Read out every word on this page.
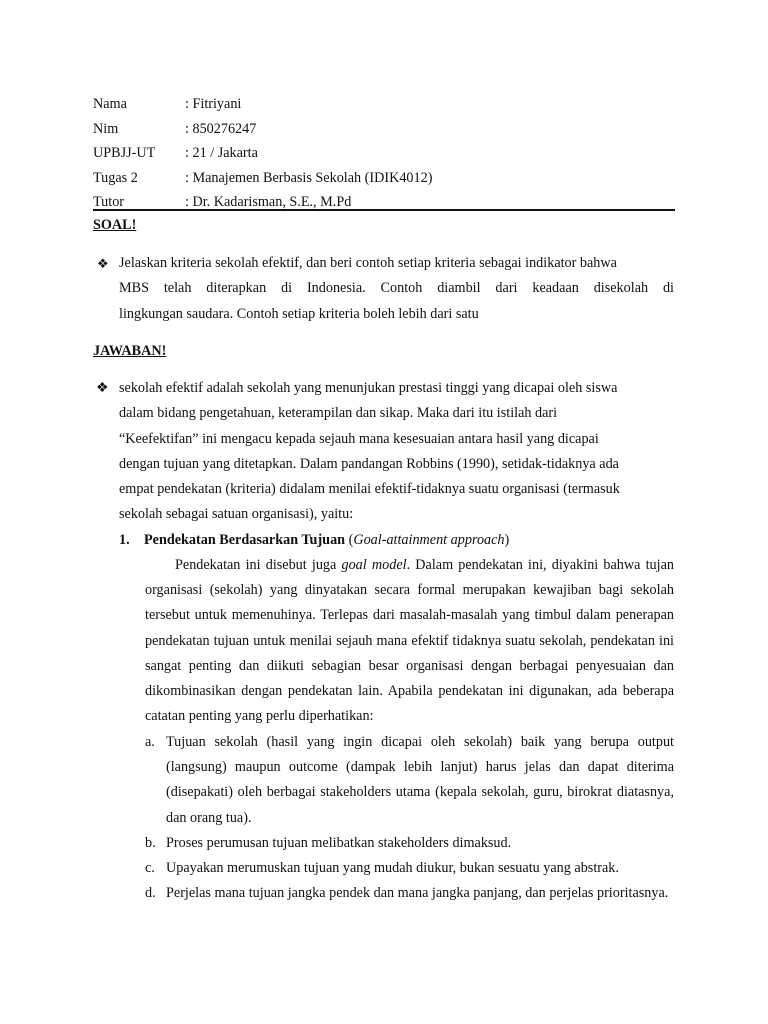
Nama	: Fitriyani
Nim	: 850276247
UPBJJ-UT	: 21 / Jakarta
Tugas 2	: Manajemen Berbasis Sekolah (IDIK4012)
Tutor	: Dr. Kadarisman, S.E., M.Pd
SOAL!
❖ Jelaskan kriteria sekolah efektif, dan beri contoh setiap kriteria sebagai indikator bahwa
MBS telah diterapkan di Indonesia. Contoh diambil dari keadaan disekolah di
lingkungan saudara. Contoh setiap kriteria boleh lebih dari satu
JAWABAN!
❖ sekolah efektif adalah sekolah yang menunjukan prestasi tinggi yang dicapai oleh siswa
dalam bidang pengetahuan, keterampilan dan sikap. Maka dari itu istilah dari
“Keefektifan” ini mengacu kepada sejauh mana kesesuaian antara hasil yang dicapai
dengan tujuan yang ditetapkan. Dalam pandangan Robbins (1990), setidak-tidaknya ada
empat pendekatan (kriteria) didalam menilai efektif-tidaknya suatu organisasi (termasuk
sekolah sebagai satuan organisasi), yaitu:
1. Pendekatan Berdasarkan Tujuan (Goal-attainment approach)

Pendekatan ini disebut juga goal model. Dalam pendekatan ini, diyakini bahwa tujan organisasi (sekolah) yang dinyatakan secara formal merupakan kewajiban bagi sekolah tersebut untuk memenuhinya. Terlepas dari masalah-masalah yang timbul dalam penerapan pendekatan tujuan untuk menilai sejauh mana efektif tidaknya suatu sekolah, pendekatan ini sangat penting dan diikuti sebagian besar organisasi dengan berbagai penyesuaian dan dikombinasikan dengan pendekatan lain. Apabila pendekatan ini digunakan, ada beberapa catatan penting yang perlu diperhatikan:

a. Tujuan sekolah (hasil yang ingin dicapai oleh sekolah) baik yang berupa output (langsung) maupun outcome (dampak lebih lanjut) harus jelas dan dapat diterima (disepakati) oleh berbagai stakeholders utama (kepala sekolah, guru, birokrat diatasnya, dan orang tua).
b. Proses perumusan tujuan melibatkan stakeholders dimaksud.
c. Upayakan merumuskan tujuan yang mudah diukur, bukan sesuatu yang abstrak.
d. Perjelas mana tujuan jangka pendek dan mana jangka panjang, dan perjelas prioritasnya.
